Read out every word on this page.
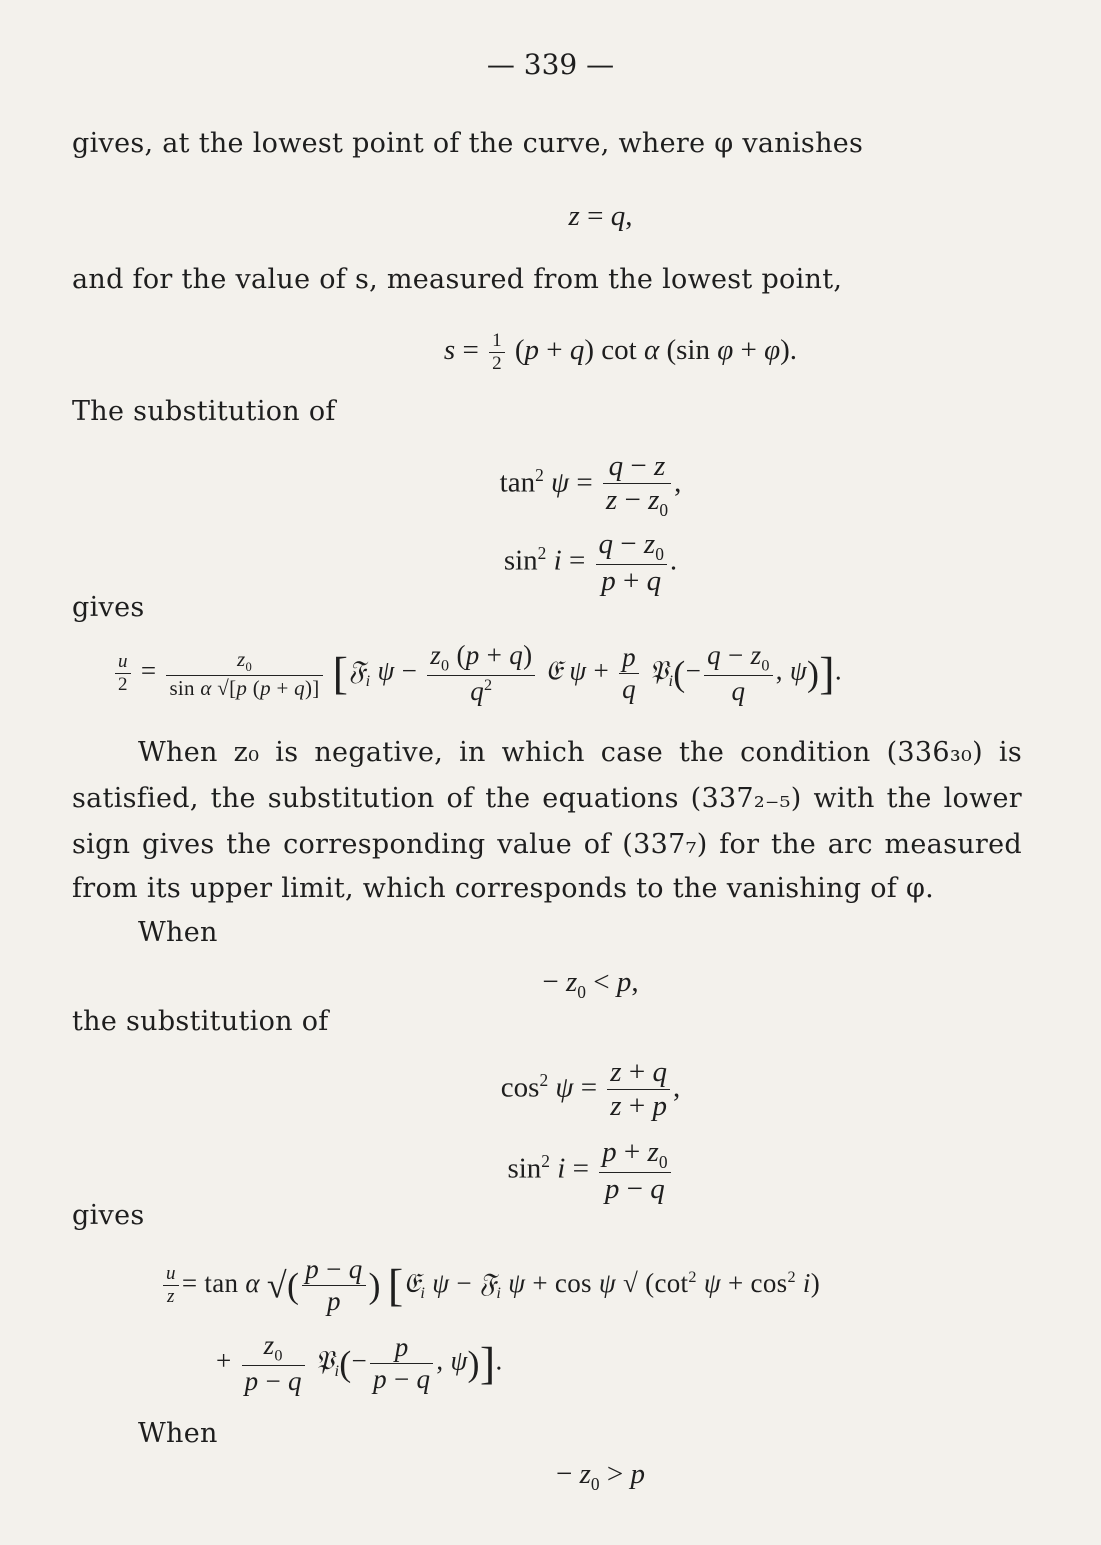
— 339 —
gives, at the lowest point of the curve, where φ vanishes
z = q,
and for the value of s, measured from the lowest point,
$s = \frac{1}{2} (p + q)$ cot α (sin φ + φ).
The substitution of
$\tan^2 \psi = \frac{q - z}{z - z_0}$ ,
$\sin^2 i = \frac{q - z_0}{p + q}$ .
gives
$\frac{u}{2} = \frac{z_0}{\text{sin α √[p (p + q)]}}$ [𝔉$_i$ $\psi - \frac{z_0 (p + q)}{q^2}$ 𝔈 $\psi + \frac{p}{q}$ 𝔓$_i$(− $\frac{q - z_0}{q}$ , ψ)].
When z₀ is negative, in which case the condition (336₃₀) is
satisfied, the substitution of the equations (337₂₋₅) with the lower
sign gives the corresponding value of (337₇) for the arc measured
from its upper limit, which corresponds to the vanishing of φ.
When
− $z_0 < p$,
the substitution of
$\cos^2 \psi = \frac{z + q}{z + p}$ ,
$\sin^2 i = \frac{p + z_0}{p - q}$
gives
$\frac{u}{z} = \tan \alpha$ √( $\frac{p - q}{p}$ ) [𝔈$_i$ ψ − 𝔉$_i$ ψ + cos ψ √ ($\cot^2$ $\psi + \cos^2 i$)
+ $\frac{z_0}{p - q}$ 𝔓$_i$(− $\frac{p}{p - q}$ , ψ)].
When
− $z_0 > p$
